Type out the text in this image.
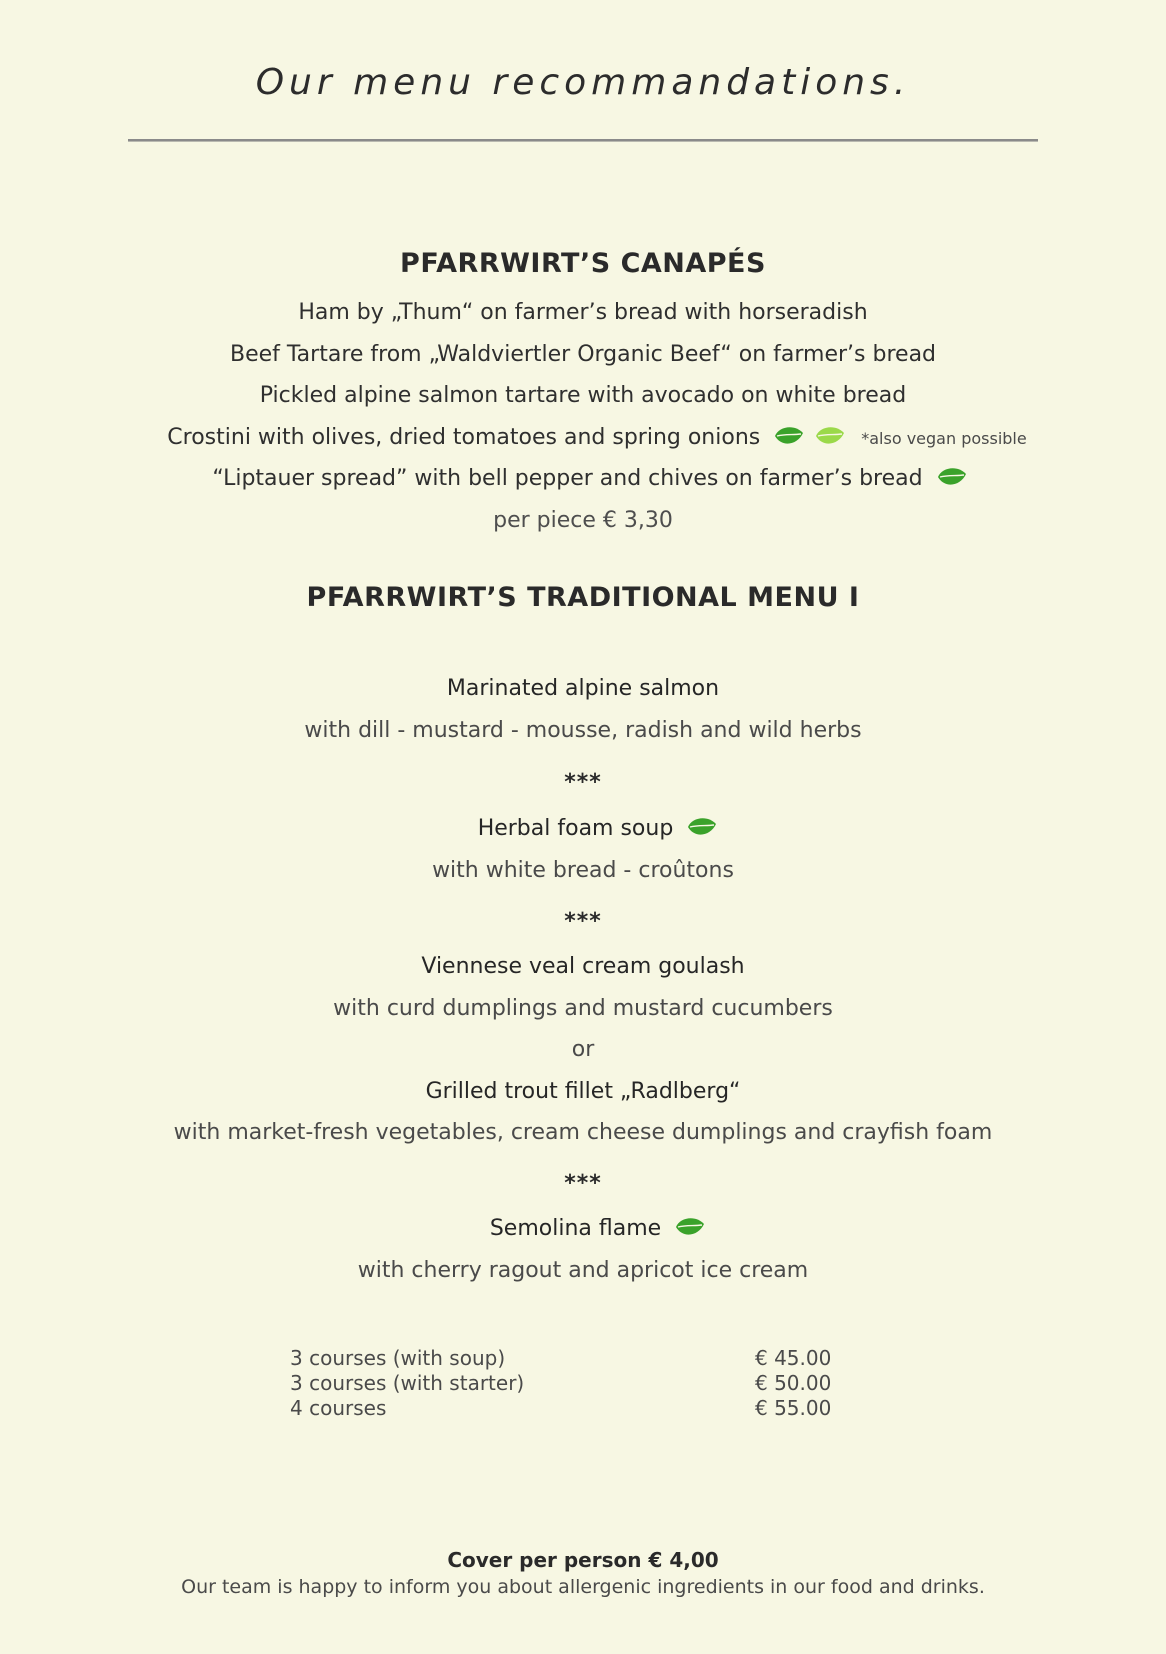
Our menu recommandations.
PFARRWIRT’S CANAPÉS
Ham by „Thum“ on farmer’s bread with horseradish
Beef Tartare from „Waldviertler Organic Beef“ on farmer’s bread
Pickled alpine salmon tartare with avocado on white bread
Crostini with olives, dried tomatoes and spring onions
	*also vegan possible
“Liptauer spread” with bell pepper and chives on farmer’s bread
per piece € 3,30
PFARRWIRT’S TRADITIONAL MENU I
Marinated alpine salmon
with dill - mustard - mousse, radish and wild herbs
***
Herbal foam soup
with white bread - croûtons
***
Viennese veal cream goulash
with curd dumplings and mustard cucumbers
or
Grilled trout fillet „Radlberg“
with market-fresh vegetables, cream cheese dumplings and crayfish foam
***
Semolina flame
with cherry ragout and apricot ice cream
3 courses (with soup)	€ 45.00
3 courses (with starter)	€ 50.00
4 courses	€ 55.00
Cover per person € 4,00
Our team is happy to inform you about allergenic ingredients in our food and drinks.
